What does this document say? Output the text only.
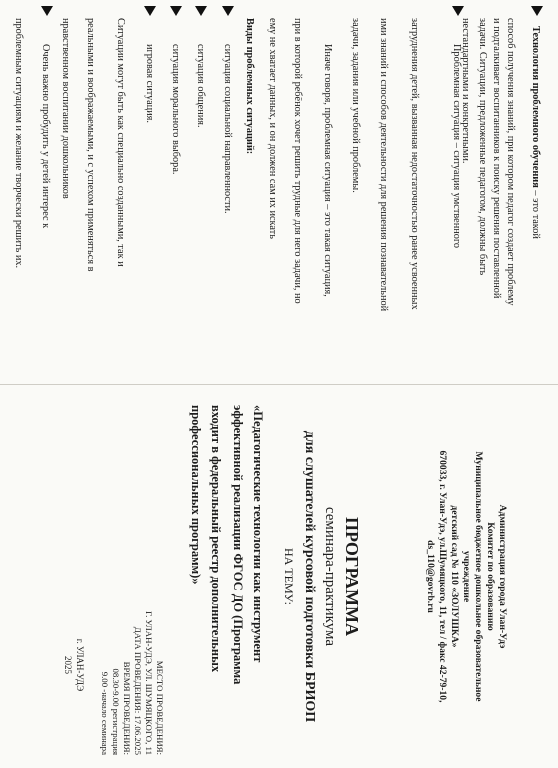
Технология проблемного обучения – это такой
способ получения знаний, при котором педагог создает проблему
и подталкивает воспитанников к поиску решения поставленной
задачи. Ситуации, предложенные педагогом, должны быть
нестандартными и конкретными.
Проблемная ситуация – ситуация умственного
затруднения детей, вызванная недостаточностью ранее усвоенных
ими знаний и способов деятельности для решения познавательной
задачи, задания или учебной проблемы.
Иначе говоря, проблемная ситуация – это такая ситуация,
при в которой ребёнок хочет решить трудные для него задачи, но
ему не хватает данных, и он должен сам их искать
Виды проблемных ситуаций:
ситуация социальной направленности.
ситуация общения.
ситуация морального выбора.
игровая ситуация.
Ситуации могут быть как специально созданными, так и
реальными и воображаемыми, и с успехом применяться в
нравственном воспитании дошкольников
Очень важно пробудить у детей интерес к
проблемным ситуациям и желание творчески решить их.
Администрация города Улан-Удэ
Комитет по образованию
Муниципальное бюджетное дошкольное образовательное
учреждение
детский сад № 110 «ЗОЛУШКА»
670033, г. Улан-Удэ, ул.Шумяцкого, 11, тел / факс 42-79-10,
ds_110@govrb.ru
ПРОГРАММА
семинара-практикума
для слушателей курсовой подготовки БРИОП
НА ТЕМУ:
«Педагогические технологии как инструмент
эффективной реализации ФГОС ДО (Программа
входит в федеральный реестр дополнительных
профессиональных программ)»
МЕСТО ПРОВЕДЕНИЯ:
Г. УЛАН-УДЭ, УЛ. ШУМЯЦКОГО, 11
ДАТА ПРОВЕДЕНИЯ: 17.06.2025
ВРЕМЯ ПРОВЕДЕНИЯ:
08.30-9.00 регистрация
9.00 -начало семинара
г. УЛАН-УДЭ
2025
